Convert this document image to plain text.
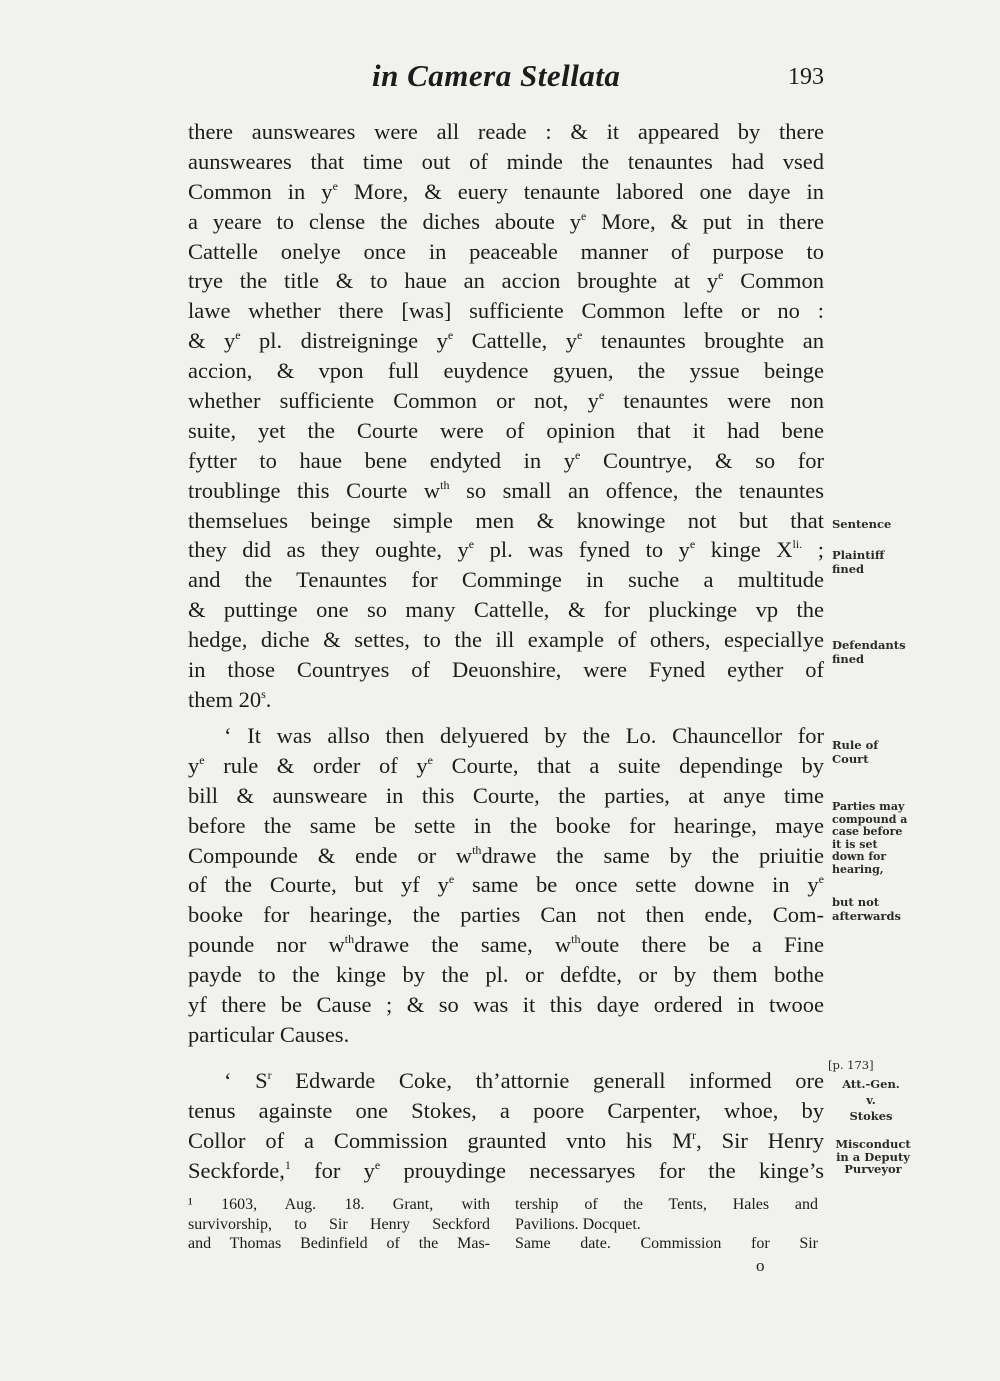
in Camera Stellata	193
there aunsweares were all reade : & it appeared by there
aunsweares that time out of minde the tenauntes had vsed
Common in $y^e$ More, & euery tenaunte labored one daye in
a yeare to clense the diches aboute $y^e$ More, & put in there
Cattelle onelye once in peaceable manner of purpose to
trye the title & to haue an accion broughte at $y^e$ Common
lawe whether there [was] sufficiente Common lefte or no :
& $y^e$ pl. distreigninge $y^e$ Cattelle, $y^e$ tenauntes broughte an
accion, & vpon full euydence gyuen, the yssue beinge
whether sufficiente Common or not, $y^e$ tenauntes were non
suite, yet the Courte were of opinion that it had bene
fytter to haue bene endyted in $y^e$ Countrye, & so for
troublinge this Courte $w^{th}$ so small an offence, the tenauntes
themselues beinge simple men & knowinge not but that
they did as they oughte, $y^e$ pl. was fyned to $y^e$ kinge $X^{li.}$ ;
and the Tenauntes for Comminge in suche a multitude
& puttinge one so many Cattelle, & for pluckinge vp the
hedge, diche & settes, to the ill example of others, especiallye
in those Countryes of Deuonshire, were Fyned eyther of
them 20$^s$.
‘ It was allso then delyuered by the Lo. Chauncellor for
$y^e$ rule & order of $y^e$ Courte, that a suite dependinge by
bill & aunsweare in this Courte, the parties, at anye time
before the same be sette in the booke for hearinge, maye
Compounde & ende or $w^{th}drawe$ the same by the priuitie
of the Courte, but yf $y^e$ same be once sette downe in $y^e$
booke for hearinge, the parties Can not then ende, Com-
pounde nor $w^{th}drawe$ the same, $w^{th}oute$ there be a Fine
payde to the kinge by the pl. or defdte, or by them bothe
yf there be Cause ; & so was it this daye ordered in twooe
particular Causes.
‘ $S^r$ Edwarde Coke, th’attornie generall informed ore
tenus againste one Stokes, a poore Carpenter, whoe, by
Collor of a Commission graunted vnto his $M^r$, Sir Henry
Seckforde,$^1$ for $y^e$ prouydinge necessaryes for the kinge’s
Sentence
Plaintiff
fined
Defendants
fined
Rule of
Court
Parties may
compound a
case before
it is set
down for
hearing,
but not
afterwards
[p. 173]
Att.-Gen.
v.
Stokes
Misconduct
in a Deputy
Purveyor
¹ 1603, Aug. 18. Grant, with
survivorship, to Sir Henry Seckford
and Thomas Bedinfield of the Mas-
tership of the Tents, Hales and
Pavilions. Docquet.
Same date. Commission for Sir
o
